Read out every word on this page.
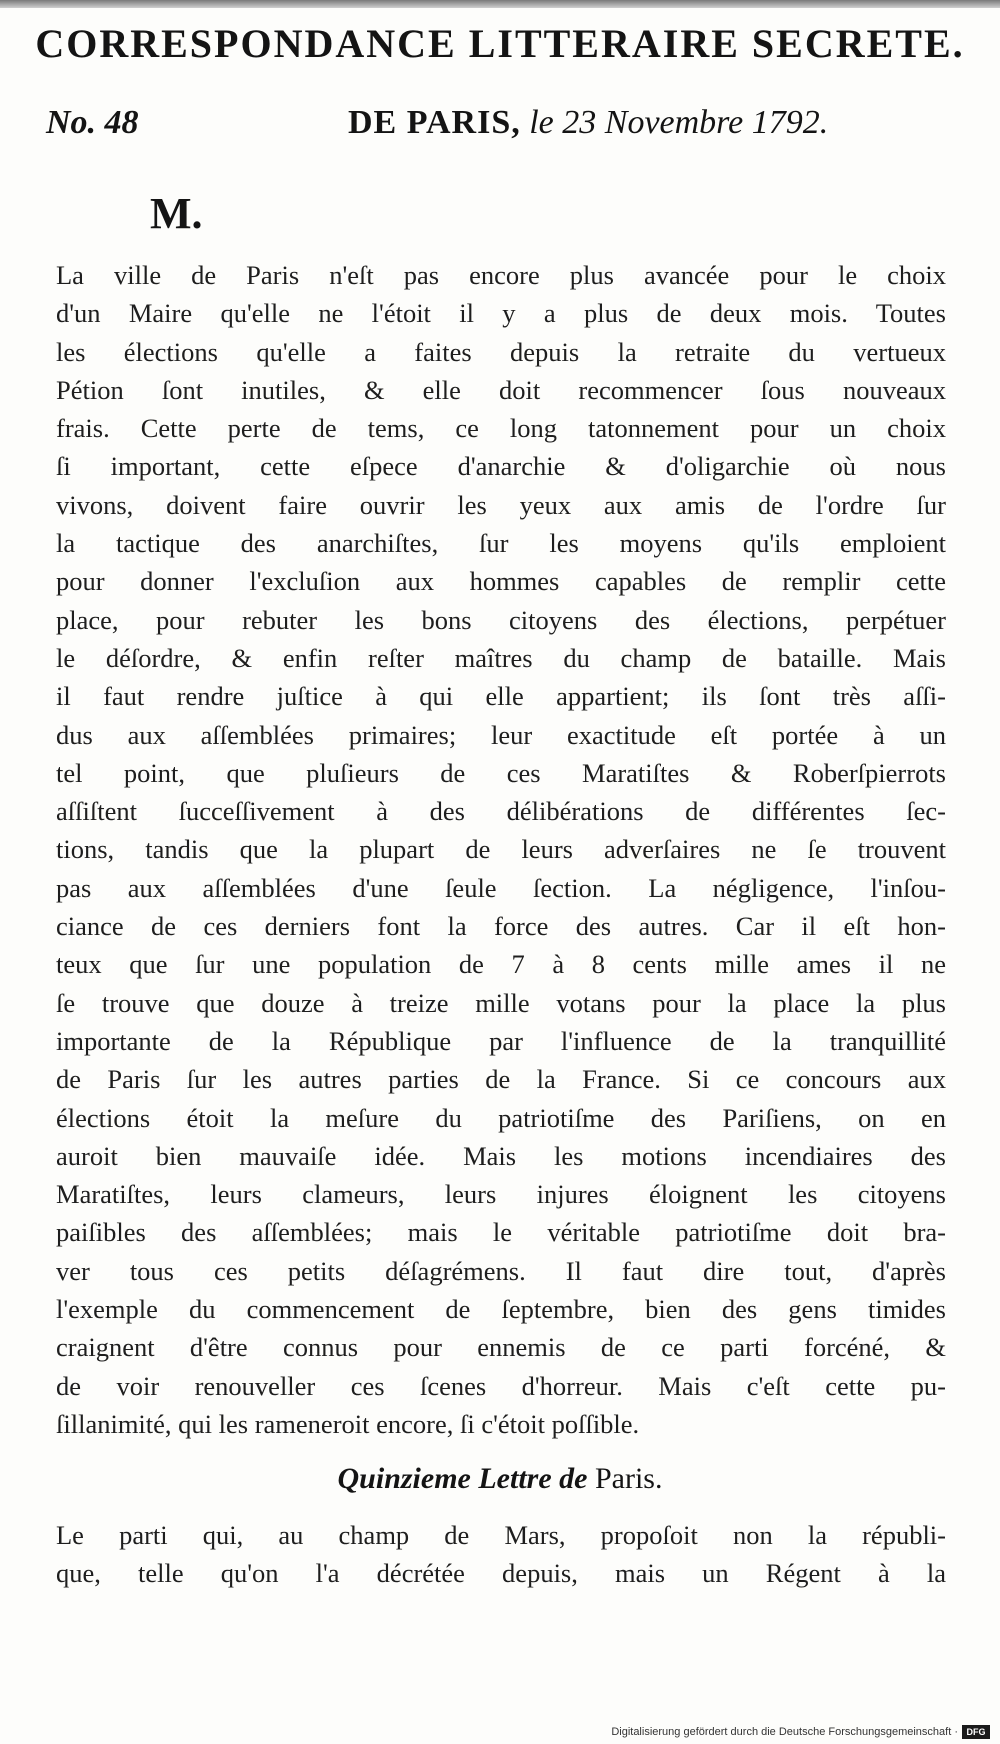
CORRESPONDANCE LITTERAIRE SECRETE.
No. 48	DE PARIS, le 23 Novembre 1792.
M.
La ville de Paris n'eſt pas encore plus avancée pour le choix
d'un Maire qu'elle ne l'étoit il y a plus de deux mois. Toutes
les élections qu'elle a faites depuis la retraite du vertueux
Pétion ſont inutiles, & elle doit recommencer ſous nouveaux
frais. Cette perte de tems, ce long tatonnement pour un choix
ſi important, cette eſpece d'anarchie & d'oligarchie où nous
vivons, doivent faire ouvrir les yeux aux amis de l'ordre ſur
la tactique des anarchiſtes, ſur les moyens qu'ils emploient
pour donner l'excluſion aux hommes capables de remplir cette
place, pour rebuter les bons citoyens des élections, perpétuer
le déſordre, & enfin reſter maîtres du champ de bataille. Mais
il faut rendre juſtice à qui elle appartient; ils ſont très aſſi-
dus aux aſſemblées primaires; leur exactitude eſt portée à un
tel point, que pluſieurs de ces Maratiſtes & Roberſpierrots
aſſiſtent ſucceſſivement à des délibérations de différentes ſec-
tions, tandis que la plupart de leurs adverſaires ne ſe trouvent
pas aux aſſemblées d'une ſeule ſection. La négligence, l'inſou-
ciance de ces derniers font la force des autres. Car il eſt hon-
teux que ſur une population de 7 à 8 cents mille ames il ne
ſe trouve que douze à treize mille votans pour la place la plus
importante de la République par l'influence de la tranquillité
de Paris ſur les autres parties de la France. Si ce concours aux
élections étoit la meſure du patriotiſme des Pariſiens, on en
auroit bien mauvaiſe idée. Mais les motions incendiaires des
Maratiſtes, leurs clameurs, leurs injures éloignent les citoyens
paiſibles des aſſemblées; mais le véritable patriotiſme doit bra-
ver tous ces petits déſagrémens. Il faut dire tout, d'après
l'exemple du commencement de ſeptembre, bien des gens timides
craignent d'être connus pour ennemis de ce parti forcéné, &
de voir renouveller ces ſcenes d'horreur. Mais c'eſt cette pu-
ſillanimité, qui les rameneroit encore, ſi c'étoit poſſible.
Quinzieme Lettre de Paris.
Le parti qui, au champ de Mars, propoſoit non la républi-
que, telle qu'on l'a décrétée depuis, mais un Régent à la
Digitalisierung gefördert durch die Deutsche Forschungsgemeinschaft · DFG
